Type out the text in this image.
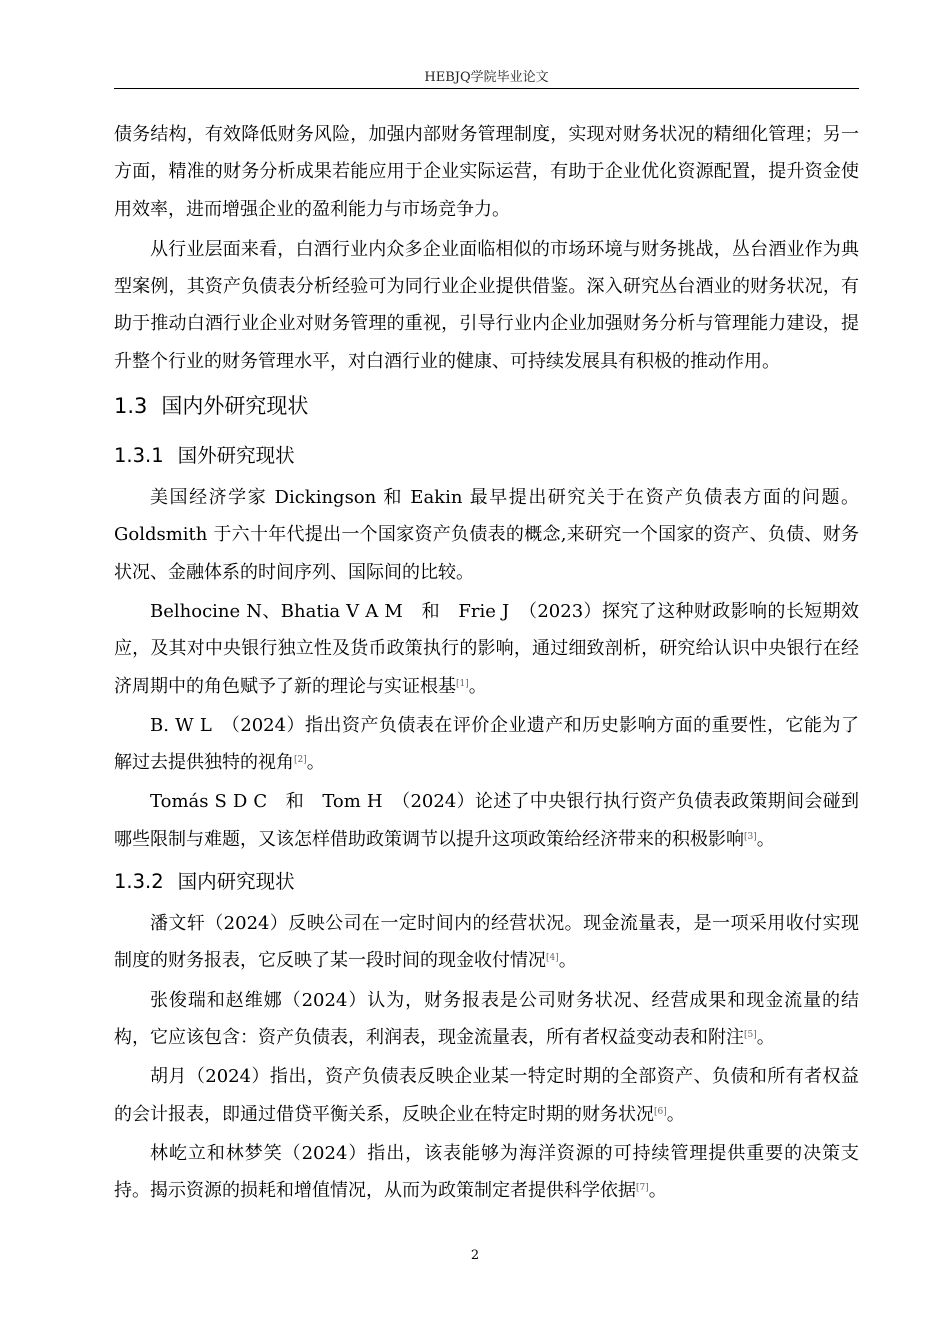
HEBJQ学院毕业论文

债务结构，有效降低财务风险，加强内部财务管理制度，实现对财务状况的精细化管理；另一方面，精准的财务分析成果若能应用于企业实际运营，有助于企业优化资源配置，提升资金使用效率，进而增强企业的盈利能力与市场竞争力。

从行业层面来看，白酒行业内众多企业面临相似的市场环境与财务挑战，丛台酒业作为典型案例，其资产负债表分析经验可为同行业企业提供借鉴。深入研究丛台酒业的财务状况，有助于推动白酒行业企业对财务管理的重视，引导行业内企业加强财务分析与管理能力建设，提升整个行业的财务管理水平，对白酒行业的健康、可持续发展具有积极的推动作用。

1.3 国内外研究现状
1.3.1 国外研究现状

美国经济学家 Dickingson 和 Eakin 最早提出研究关于在资产负债表方面的问题。Goldsmith 于六十年代提出一个国家资产负债表的概念,来研究一个国家的资产、负债、财务状况、金融体系的时间序列、国际间的比较。

Belhocine N、Bhatia V A M　和　Frie J　（2023）探究了这种财政影响的长短期效应，及其对中央银行独立性及货币政策执行的影响，通过细致剖析，研究给认识中央银行在经济周期中的角色赋予了新的理论与实证根基[1]。

B. W L　（2024）指出资产负债表在评价企业遗产和历史影响方面的重要性，它能为了解过去提供独特的视角[2]。

Tomás S D C　和　Tom H　（2024）论述了中央银行执行资产负债表政策期间会碰到哪些限制与难题，又该怎样借助政策调节以提升这项政策给经济带来的积极影响[3]。

1.3.2 国内研究现状

潘文轩（2024）反映公司在一定时间内的经营状况。现金流量表，是一项采用收付实现制度的财务报表，它反映了某一段时间的现金收付情况[4]。

张俊瑞和赵维娜（2024）认为，财务报表是公司财务状况、经营成果和现金流量的结构，它应该包含：资产负债表，利润表，现金流量表，所有者权益变动表和附注[5]。

胡月（2024）指出，资产负债表反映企业某一特定时期的全部资产、负债和所有者权益的会计报表，即通过借贷平衡关系，反映企业在特定时期的财务状况[6]。

林屹立和林梦笑（2024）指出，该表能够为海洋资源的可持续管理提供重要的决策支持。揭示资源的损耗和增值情况，从而为政策制定者提供科学依据[7]。

2
